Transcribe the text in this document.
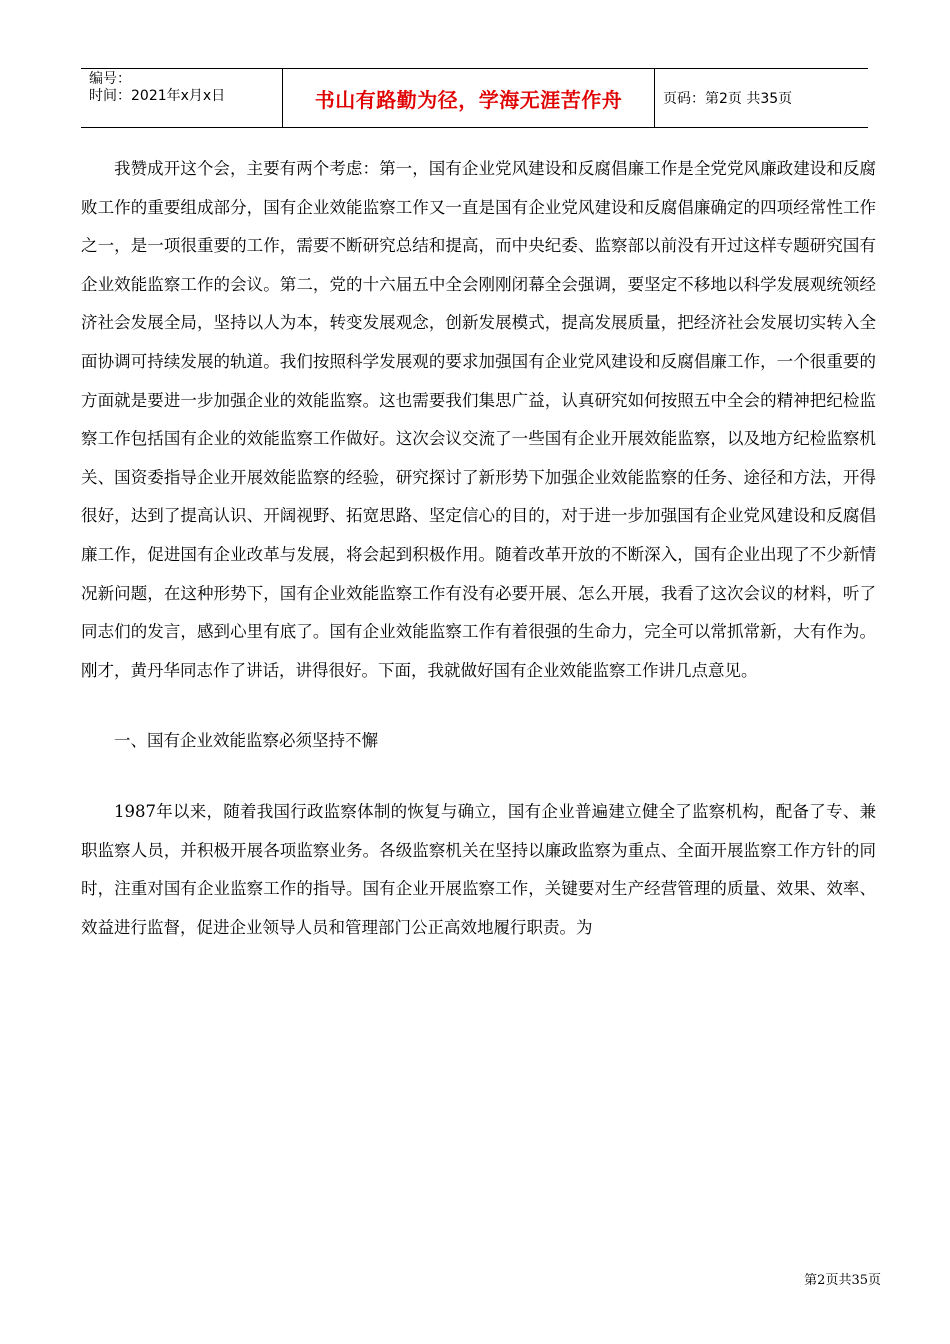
编号：
时间：2021年x月x日	书山有路勤为径，学海无涯苦作舟	页码：第2页 共35页

我赞成开这个会，主要有两个考虑：第一，国有企业党风建设和反腐倡廉工作是全党党风廉政建设和反腐败工作的重要组成部分，国有企业效能监察工作又一直是国有企业党风建设和反腐倡廉确定的四项经常性工作之一，是一项很重要的工作，需要不断研究总结和提高，而中央纪委、监察部以前没有开过这样专题研究国有企业效能监察工作的会议。第二，党的十六届五中全会刚刚闭幕全会强调，要坚定不移地以科学发展观统领经济社会发展全局，坚持以人为本，转变发展观念，创新发展模式，提高发展质量，把经济社会发展切实转入全面协调可持续发展的轨道。我们按照科学发展观的要求加强国有企业党风建设和反腐倡廉工作，一个很重要的方面就是要进一步加强企业的效能监察。这也需要我们集思广益，认真研究如何按照五中全会的精神把纪检监察工作包括国有企业的效能监察工作做好。这次会议交流了一些国有企业开展效能监察，以及地方纪检监察机关、国资委指导企业开展效能监察的经验，研究探讨了新形势下加强企业效能监察的任务、途径和方法，开得很好，达到了提高认识、开阔视野、拓宽思路、坚定信心的目的，对于进一步加强国有企业党风建设和反腐倡廉工作，促进国有企业改革与发展，将会起到积极作用。随着改革开放的不断深入，国有企业出现了不少新情况新问题，在这种形势下，国有企业效能监察工作有没有必要开展、怎么开展，我看了这次会议的材料，听了同志们的发言，感到心里有底了。国有企业效能监察工作有着很强的生命力，完全可以常抓常新，大有作为。刚才，黄丹华同志作了讲话，讲得很好。下面，我就做好国有企业效能监察工作讲几点意见。

一、国有企业效能监察必须坚持不懈

1987年以来，随着我国行政监察体制的恢复与确立，国有企业普遍建立健全了监察机构，配备了专、兼职监察人员，并积极开展各项监察业务。各级监察机关在坚持以廉政监察为重点、全面开展监察工作方针的同时，注重对国有企业监察工作的指导。国有企业开展监察工作，关键要对生产经营管理的质量、效果、效率、效益进行监督，促进企业领导人员和管理部门公正高效地履行职责。为

第2页共35页
